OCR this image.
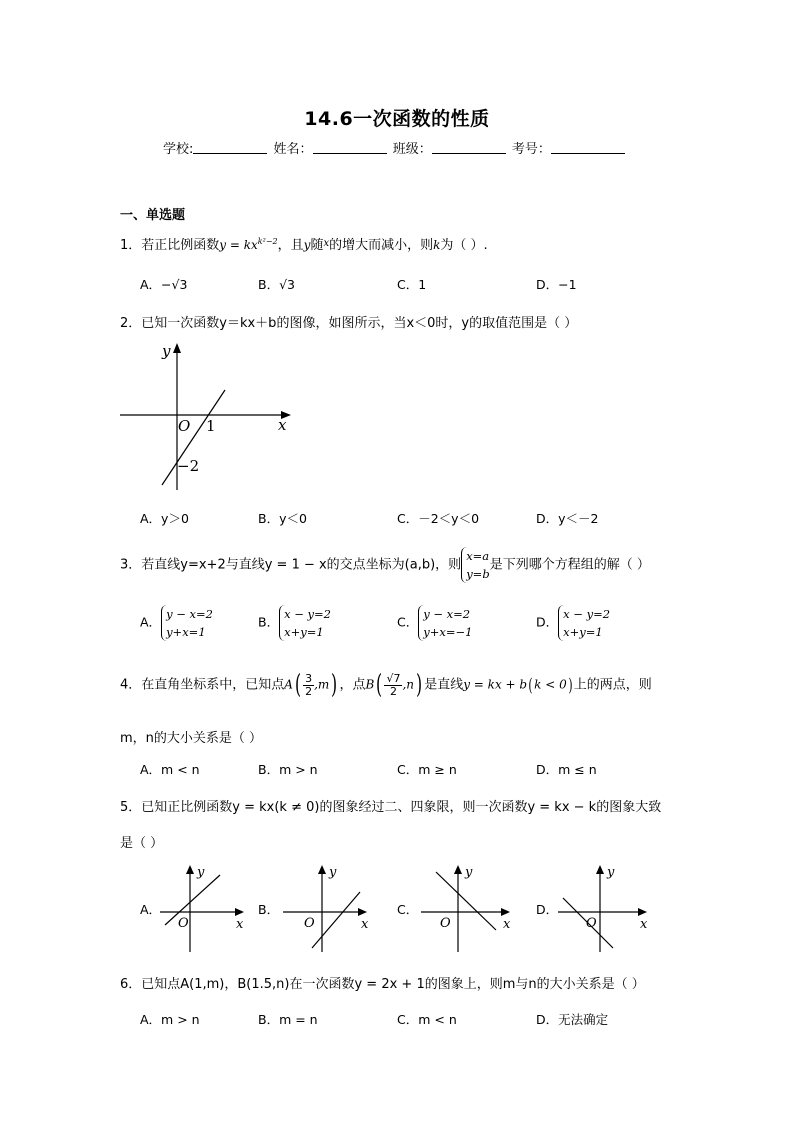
14.6一次函数的性质
学校:	姓名：	班级：	考号：
一、单选题
1．若正比例函数$y = kx^{k^2-2}$，且y随$^x$的增大而减小，则k为（ ）.
A．−√3	B．√3	C．1	D．−1
2．已知一次函数y＝kx＋b的图像，如图所示，当x＜0时，y的取值范围是（ ）
y
x
O 1
−2
A．y＞0	B．y＜0	C．－2＜y＜0	D．y＜－2
3．若直线y=x+2与直线y = 1 − x的交点坐标为(a,b)，则
x=a
y=b
是下列哪个方程组的解（ ）
A．
y − x=2
y+x=1
B．
x − y=2
x+y=1
C．
y − x=2
y+x=−1
D．
x − y=2
x+y=1
4．在直角坐标系中，已知点$A( \frac{3}{2} ,m)$ ，点$B( \frac{√7}{2} ,n)$ 是直线y = kx + b(k < 0)上的两点，则
m，n的大小关系是（ ）
A．m < n	B．m > n	C．m ≥ n	D．m ≤ n
5．已知正比例函数y = kx(k ≠ 0)的图象经过二、四象限，则一次函数y = kx − k的图象大致
是（ ）
A．
y
x
O
B．
y
x
O
C．
y
x
O
D．
y
x
O
6．已知点A(1,m)，B(1.5,n)在一次函数y = 2x + 1的图象上，则m与n的大小关系是（ ）
A．m > n	B．m = n	C．m < n	D．无法确定
